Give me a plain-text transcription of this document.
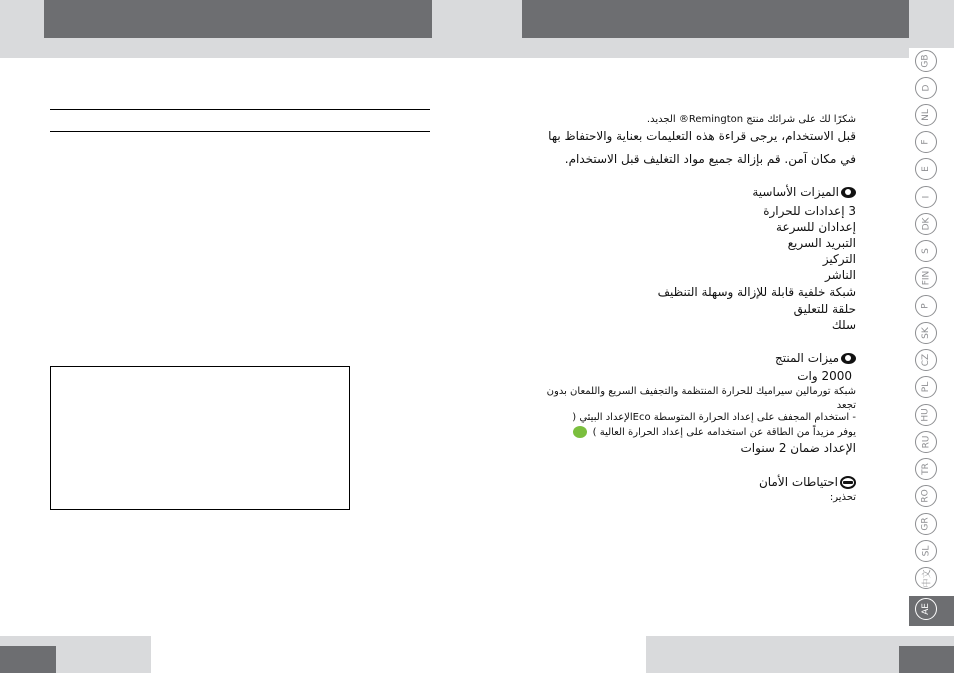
شكرًا لك على شرائك منتج Remington® الجديد.
قبل الاستخدام، يرجى قراءة هذه التعليمات بعناية والاحتفاظ بها
في مكان آمن. قم بإزالة جميع مواد التغليف قبل الاستخدام.
الميزات الأساسية
3 إعدادات للحرارة
إعدادان للسرعة
التبريد السريع
التركيز
الناشر
شبكة خلفية قابلة للإزالة وسهلة التنظيف
حلقة للتعليق
سلك
ميزات المنتج
2000 وات
شبكة تورمالين سيراميك للحرارة المنتظمة والتجفيف السريع واللمعان بدون
تجعد
- استخدام المجفف على إعداد الحرارة المتوسطة Ecoالإعداد البيئي (
يوفر مزيداً من الطاقة عن استخدامه على إعداد الحرارة العالية )
الإعداد ضمان 2 سنوات
احتياطات الأمان
تحذير:
GB
D
NL
F
E
I
DK
S
FIN
P
SK
CZ
PL
HU
RU
TR
RO
GR
SL
中文
AE
